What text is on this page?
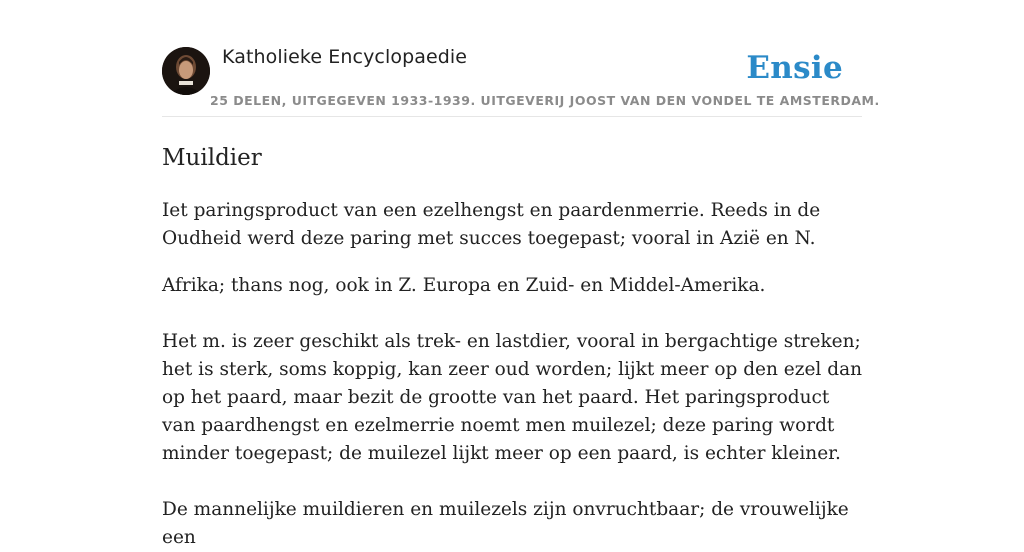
Katholieke Encyclopaedie	Ensie
25 DELEN, UITGEGEVEN 1933-1939. UITGEVERIJ JOOST VAN DEN VONDEL TE AMSTERDAM.
Muildier

Iet paringsproduct van een ezelhengst en paardenmerrie. Reeds in de Oudheid werd deze paring met succes toegepast; vooral in Azië en N.

Afrika; thans nog, ook in Z. Europa en Zuid- en Middel-Amerika.

Het m. is zeer geschikt als trek- en lastdier, vooral in bergachtige streken; het is sterk, soms koppig, kan zeer oud worden; lijkt meer op den ezel dan op het paard, maar bezit de grootte van het paard. Het paringsproduct van paardhengst en ezelmerrie noemt men muilezel; deze paring wordt minder toegepast; de muilezel lijkt meer op een paard, is echter kleiner.

De mannelijke muildieren en muilezels zijn onvruchtbaar; de vrouwelijke een
